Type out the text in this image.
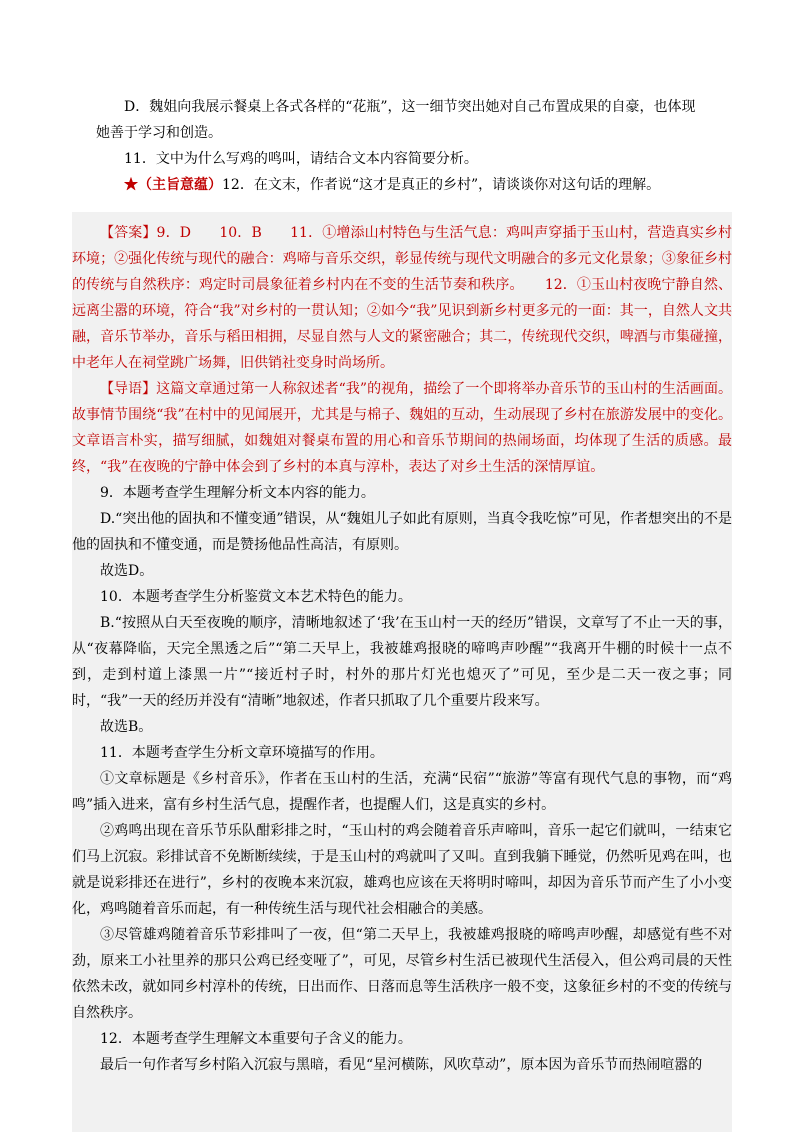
D．魏姐向我展示餐桌上各式各样的“花瓶”，这一细节突出她对自己布置成果的自豪，也体现

她善于学习和创造。

11．文中为什么写鸡的鸣叫，请结合文本内容简要分析。

★（主旨意蕴）12．在文末，作者说“这才是真正的乡村”，请谈谈你对这句话的理解。

【答案】9．D　　10．B　　11．①增添山村特色与生活气息：鸡叫声穿插于玉山村，营造真实乡村环境；②强化传统与现代的融合：鸡啼与音乐交织，彰显传统与现代文明融合的多元文化景象；③象征乡村的传统与自然秩序：鸡定时司晨象征着乡村内在不变的生活节奏和秩序。　　12．①玉山村夜晚宁静自然、远离尘嚣的环境，符合“我”对乡村的一贯认知；②如今“我”见识到新乡村更多元的一面：其一，自然人文共融，音乐节举办，音乐与稻田相拥，尽显自然与人文的紧密融合；其二，传统现代交织，啤酒与市集碰撞，中老年人在祠堂跳广场舞，旧供销社变身时尚场所。

【导语】这篇文章通过第一人称叙述者“我”的视角，描绘了一个即将举办音乐节的玉山村的生活画面。故事情节围绕“我”在村中的见闻展开，尤其是与棉子、魏姐的互动，生动展现了乡村在旅游发展中的变化。文章语言朴实，描写细腻，如魏姐对餐桌布置的用心和音乐节期间的热闹场面，均体现了生活的质感。最终，“我”在夜晚的宁静中体会到了乡村的本真与淳朴，表达了对乡土生活的深情厚谊。

9．本题考查学生理解分析文本内容的能力。

D.“突出他的固执和不懂变通”错误，从“魏姐儿子如此有原则，当真令我吃惊”可见，作者想突出的不是他的固执和不懂变通，而是赞扬他品性高洁，有原则。

故选D。

10．本题考查学生分析鉴赏文本艺术特色的能力。

B.“按照从白天至夜晚的顺序，清晰地叙述了‘我’在玉山村一天的经历”错误，文章写了不止一天的事，从“夜幕降临，天完全黑透之后”“第二天早上，我被雄鸡报晓的啼鸣声吵醒”“我离开牛棚的时候十一点不到，走到村道上漆黑一片”“接近村子时，村外的那片灯光也熄灭了”可见，至少是二天一夜之事；同时，“我”一天的经历并没有“清晰”地叙述，作者只抓取了几个重要片段来写。

故选B。

11．本题考查学生分析文章环境描写的作用。

①文章标题是《乡村音乐》，作者在玉山村的生活，充满“民宿”“旅游”等富有现代气息的事物，而“鸡鸣”插入进来，富有乡村生活气息，提醒作者，也提醒人们，这是真实的乡村。

②鸡鸣出现在音乐节乐队酣彩排之时，“玉山村的鸡会随着音乐声啼叫，音乐一起它们就叫，一结束它们马上沉寂。彩排试音不免断断续续，于是玉山村的鸡就叫了又叫。直到我躺下睡觉，仍然听见鸡在叫，也就是说彩排还在进行”，乡村的夜晚本来沉寂，雄鸡也应该在天将明时啼叫，却因为音乐节而产生了小小变化，鸡鸣随着音乐而起，有一种传统生活与现代社会相融合的美感。

③尽管雄鸡随着音乐节彩排叫了一夜，但“第二天早上，我被雄鸡报晓的啼鸣声吵醒，却感觉有些不对劲，原来工小社里养的那只公鸡已经变哑了”，可见，尽管乡村生活已被现代生活侵入，但公鸡司晨的天性依然未改，就如同乡村淳朴的传统，日出而作、日落而息等生活秩序一般不变，这象征乡村的不变的传统与自然秩序。

12．本题考查学生理解文本重要句子含义的能力。

最后一句作者写乡村陷入沉寂与黑暗，看见“星河横陈，风吹草动”，原本因为音乐节而热闹喧嚣的
